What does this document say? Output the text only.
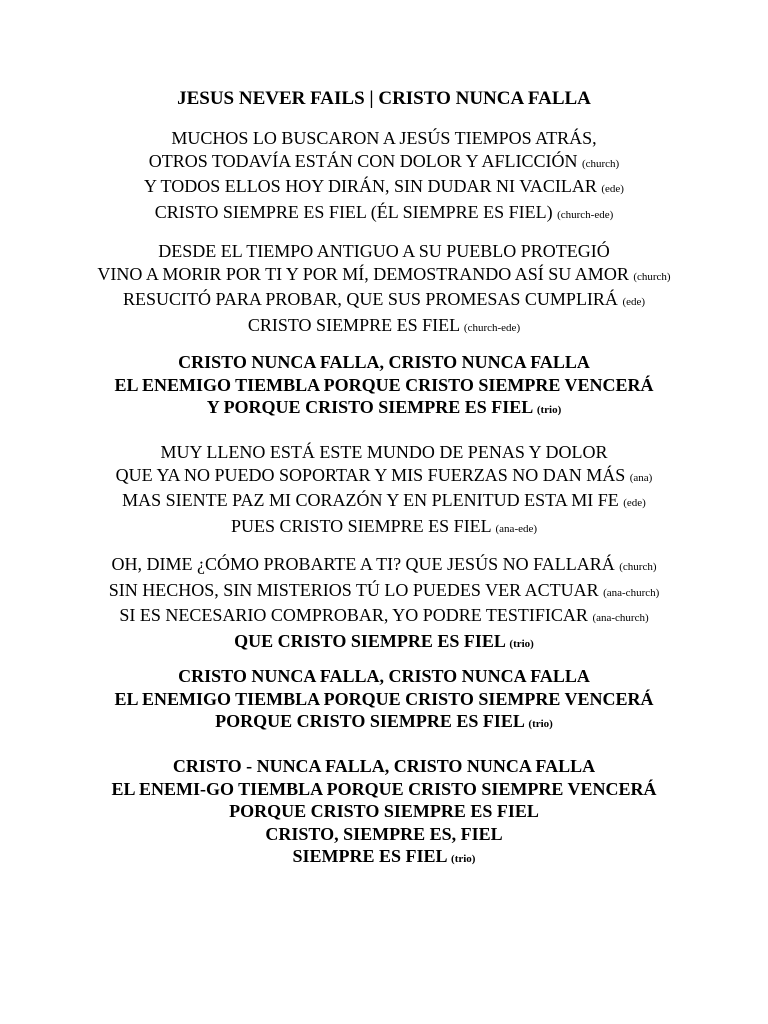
JESUS NEVER FAILS | CRISTO NUNCA FALLA
MUCHOS LO BUSCARON A JESÚS TIEMPOS ATRÁS,
OTROS TODAVÍA ESTÁN CON DOLOR Y AFLICCIÓN (church)
Y TODOS ELLOS HOY DIRÁN, SIN DUDAR NI VACILAR (ede)
CRISTO SIEMPRE ES FIEL (ÉL SIEMPRE ES FIEL) (church-ede)
DESDE EL TIEMPO ANTIGUO A SU PUEBLO PROTEGIÓ
VINO A MORIR POR TI Y POR MÍ, DEMOSTRANDO ASÍ SU AMOR (church)
RESUCITÓ PARA PROBAR, QUE SUS PROMESAS CUMPLIRÁ (ede)
CRISTO SIEMPRE ES FIEL (church-ede)
CRISTO NUNCA FALLA, CRISTO NUNCA FALLA
EL ENEMIGO TIEMBLA PORQUE CRISTO SIEMPRE VENCERÁ
Y PORQUE CRISTO SIEMPRE ES FIEL (trio)
MUY LLENO ESTÁ ESTE MUNDO DE PENAS Y DOLOR
QUE YA NO PUEDO SOPORTAR Y MIS FUERZAS NO DAN MÁS (ana)
MAS SIENTE PAZ MI CORAZÓN Y EN PLENITUD ESTA MI FE (ede)
PUES CRISTO SIEMPRE ES FIEL (ana-ede)
OH, DIME ¿CÓMO PROBARTE A TI? QUE JESÚS NO FALLARÁ (church)
SIN HECHOS, SIN MISTERIOS TÚ LO PUEDES VER ACTUAR (ana-church)
SI ES NECESARIO COMPROBAR, YO PODRE TESTIFICAR (ana-church)
QUE CRISTO SIEMPRE ES FIEL (trio)
CRISTO NUNCA FALLA, CRISTO NUNCA FALLA
EL ENEMIGO TIEMBLA PORQUE CRISTO SIEMPRE VENCERÁ
PORQUE CRISTO SIEMPRE ES FIEL (trio)
CRISTO - NUNCA FALLA, CRISTO NUNCA FALLA
EL ENEMI-GO TIEMBLA PORQUE CRISTO SIEMPRE VENCERÁ
PORQUE CRISTO SIEMPRE ES FIEL
CRISTO, SIEMPRE ES, FIEL
SIEMPRE ES FIEL (trio)
